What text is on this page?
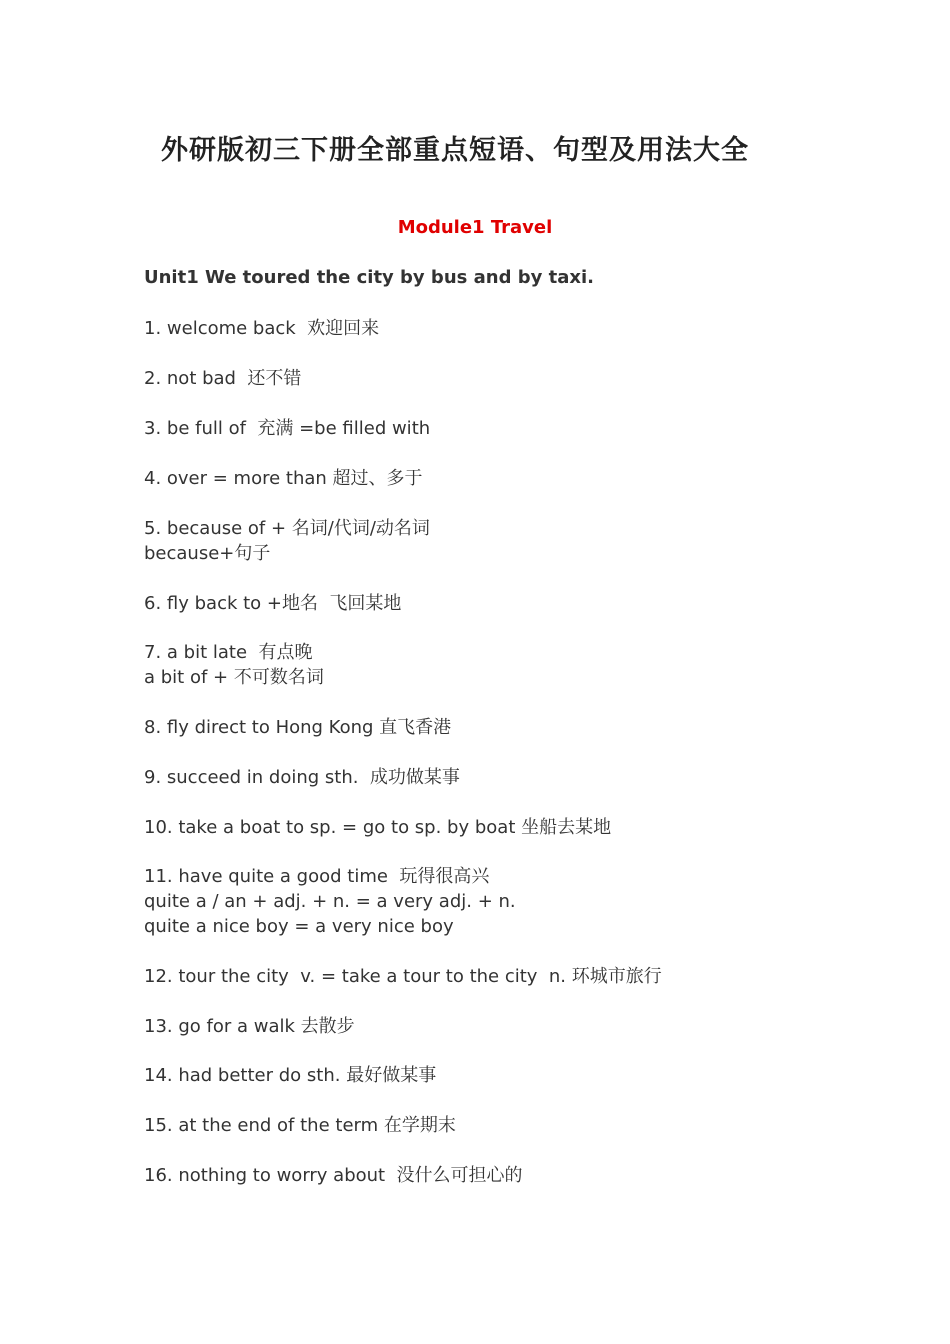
外研版初三下册全部重点短语、句型及用法大全
Module1 Travel
Unit1 We toured the city by bus and by taxi.
1. welcome back  欢迎回来
2. not bad  还不错
3. be full of  充满 =be filled with
4. over = more than 超过、多于
5. because of + 名词/代词/动名词
because+句子
6. fly back to +地名  飞回某地
7. a bit late  有点晚
a bit of + 不可数名词
8. fly direct to Hong Kong 直飞香港
9. succeed in doing sth.  成功做某事
10. take a boat to sp. = go to sp. by boat 坐船去某地
11. have quite a good time  玩得很高兴
quite a / an + adj. + n. = a very adj. + n.
quite a nice boy = a very nice boy
12. tour the city  v. = take a tour to the city  n. 环城市旅行
13. go for a walk 去散步
14. had better do sth. 最好做某事
15. at the end of the term 在学期末
16. nothing to worry about  没什么可担心的
